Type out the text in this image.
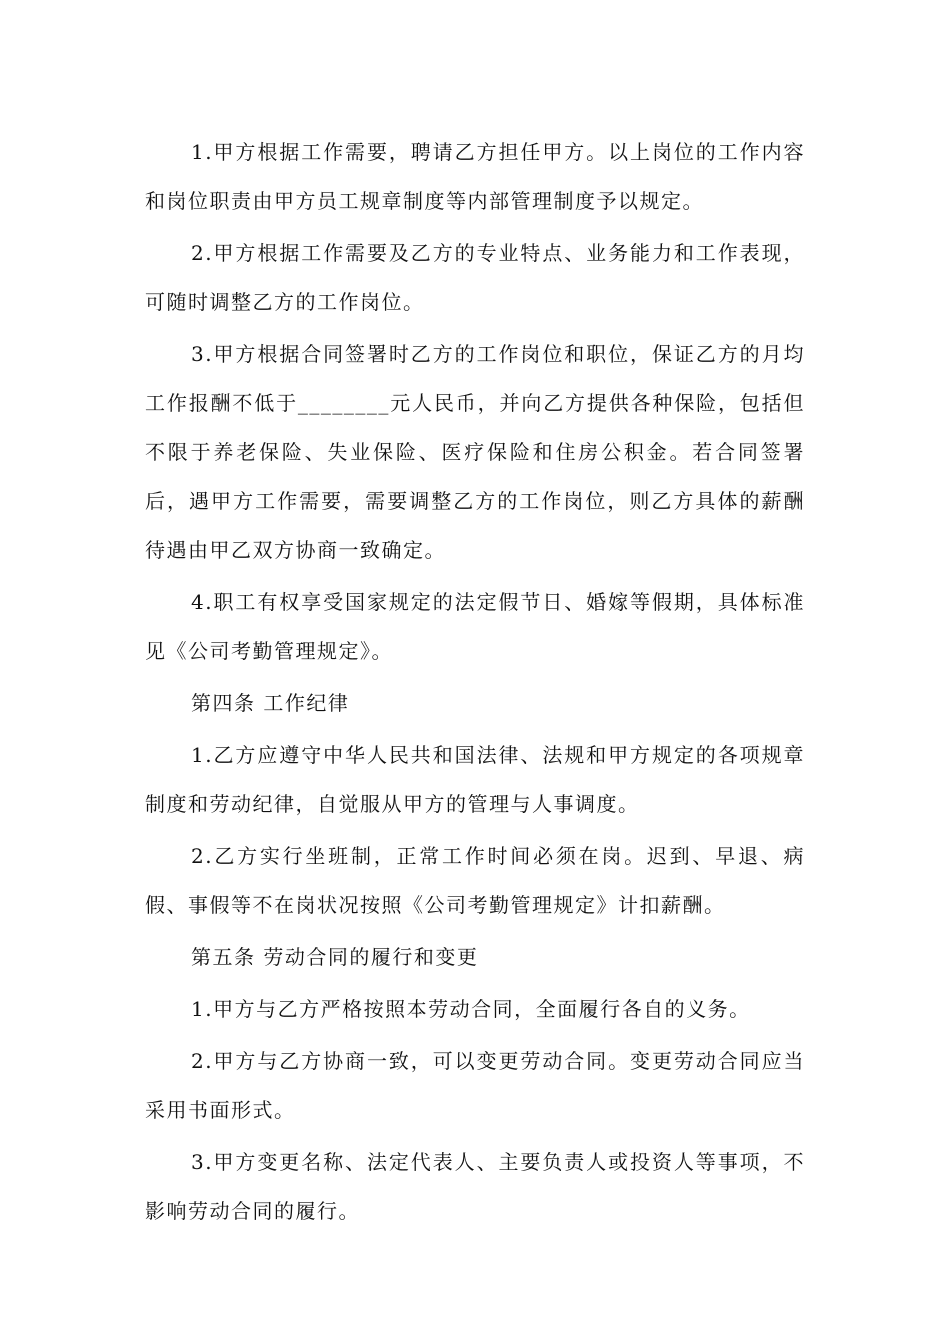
1.甲方根据工作需要，聘请乙方担任甲方。以上岗位的工作内容和岗位职责由甲方员工规章制度等内部管理制度予以规定。

2.甲方根据工作需要及乙方的专业特点、业务能力和工作表现，可随时调整乙方的工作岗位。

3.甲方根据合同签署时乙方的工作岗位和职位，保证乙方的月均工作报酬不低于________元人民币，并向乙方提供各种保险，包括但不限于养老保险、失业保险、医疗保险和住房公积金。若合同签署后，遇甲方工作需要，需要调整乙方的工作岗位，则乙方具体的薪酬待遇由甲乙双方协商一致确定。

4.职工有权享受国家规定的法定假节日、婚嫁等假期，具体标准见《公司考勤管理规定》。

第四条 工作纪律

1.乙方应遵守中华人民共和国法律、法规和甲方规定的各项规章制度和劳动纪律，自觉服从甲方的管理与人事调度。

2.乙方实行坐班制，正常工作时间必须在岗。迟到、早退、病假、事假等不在岗状况按照《公司考勤管理规定》计扣薪酬。

第五条 劳动合同的履行和变更

1.甲方与乙方严格按照本劳动合同，全面履行各自的义务。

2.甲方与乙方协商一致，可以变更劳动合同。变更劳动合同应当采用书面形式。

3.甲方变更名称、法定代表人、主要负责人或投资人等事项，不影响劳动合同的履行。
